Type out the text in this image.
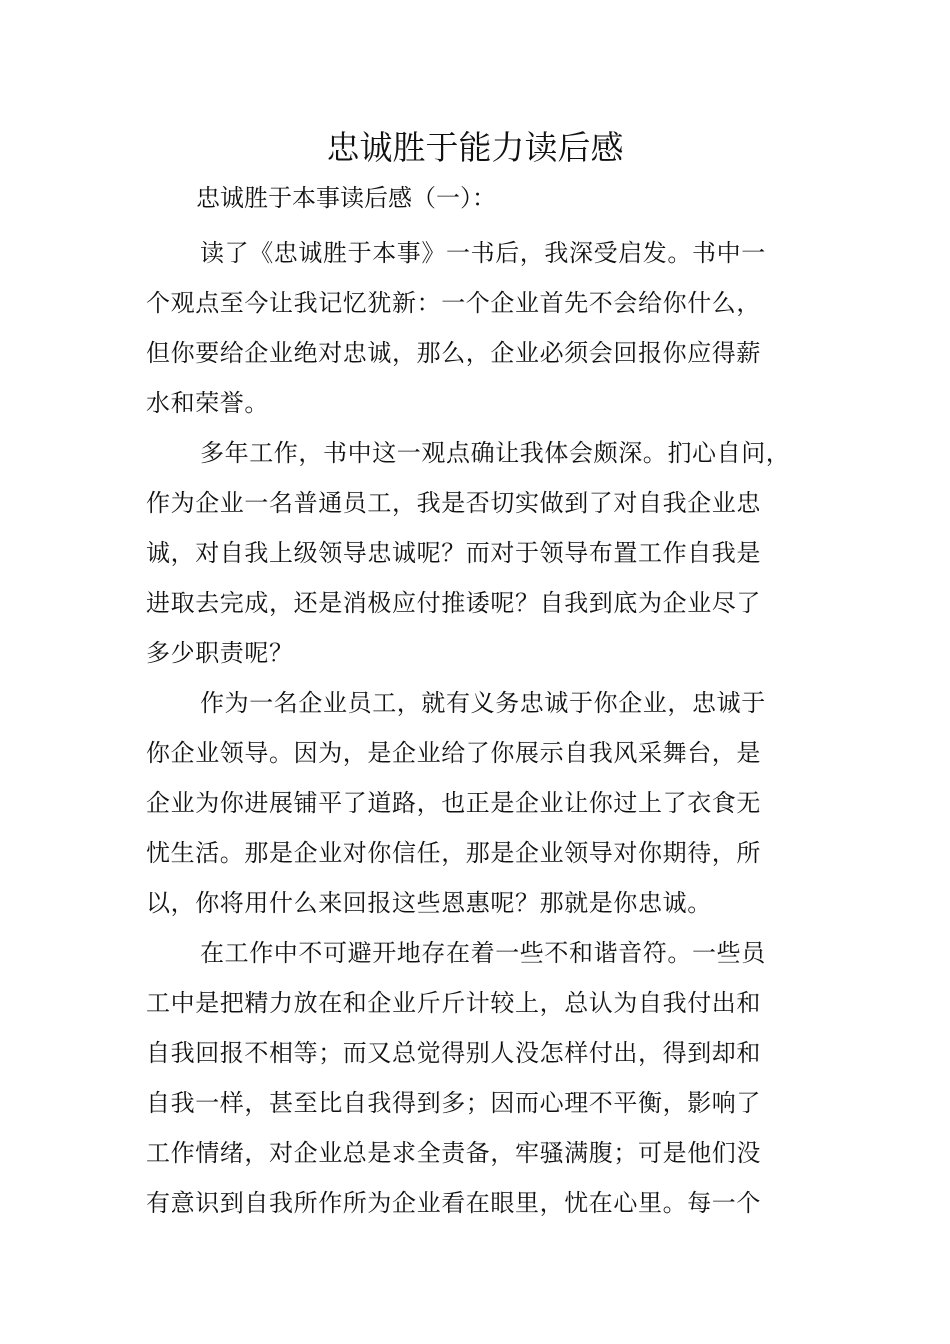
忠诚胜于能力读后感

忠诚胜于本事读后感（一）：

读了《忠诚胜于本事》一书后，我深受启发。书中一
个观点至今让我记忆犹新：一个企业首先不会给你什么，
但你要给企业绝对忠诚，那么，企业必须会回报你应得薪
水和荣誉。
多年工作，书中这一观点确让我体会颇深。扪心自问，
作为企业一名普通员工，我是否切实做到了对自我企业忠
诚，对自我上级领导忠诚呢？而对于领导布置工作自我是
进取去完成，还是消极应付推诿呢？自我到底为企业尽了
多少职责呢？
作为一名企业员工，就有义务忠诚于你企业，忠诚于
你企业领导。因为，是企业给了你展示自我风采舞台，是
企业为你进展铺平了道路，也正是企业让你过上了衣食无
忧生活。那是企业对你信任，那是企业领导对你期待，所
以，你将用什么来回报这些恩惠呢？那就是你忠诚。
在工作中不可避开地存在着一些不和谐音符。一些员
工中是把精力放在和企业斤斤计较上，总认为自我付出和
自我回报不相等；而又总觉得别人没怎样付出，得到却和
自我一样，甚至比自我得到多；因而心理不平衡，影响了
工作情绪，对企业总是求全责备，牢骚满腹；可是他们没
有意识到自我所作所为企业看在眼里，忧在心里。每一个
